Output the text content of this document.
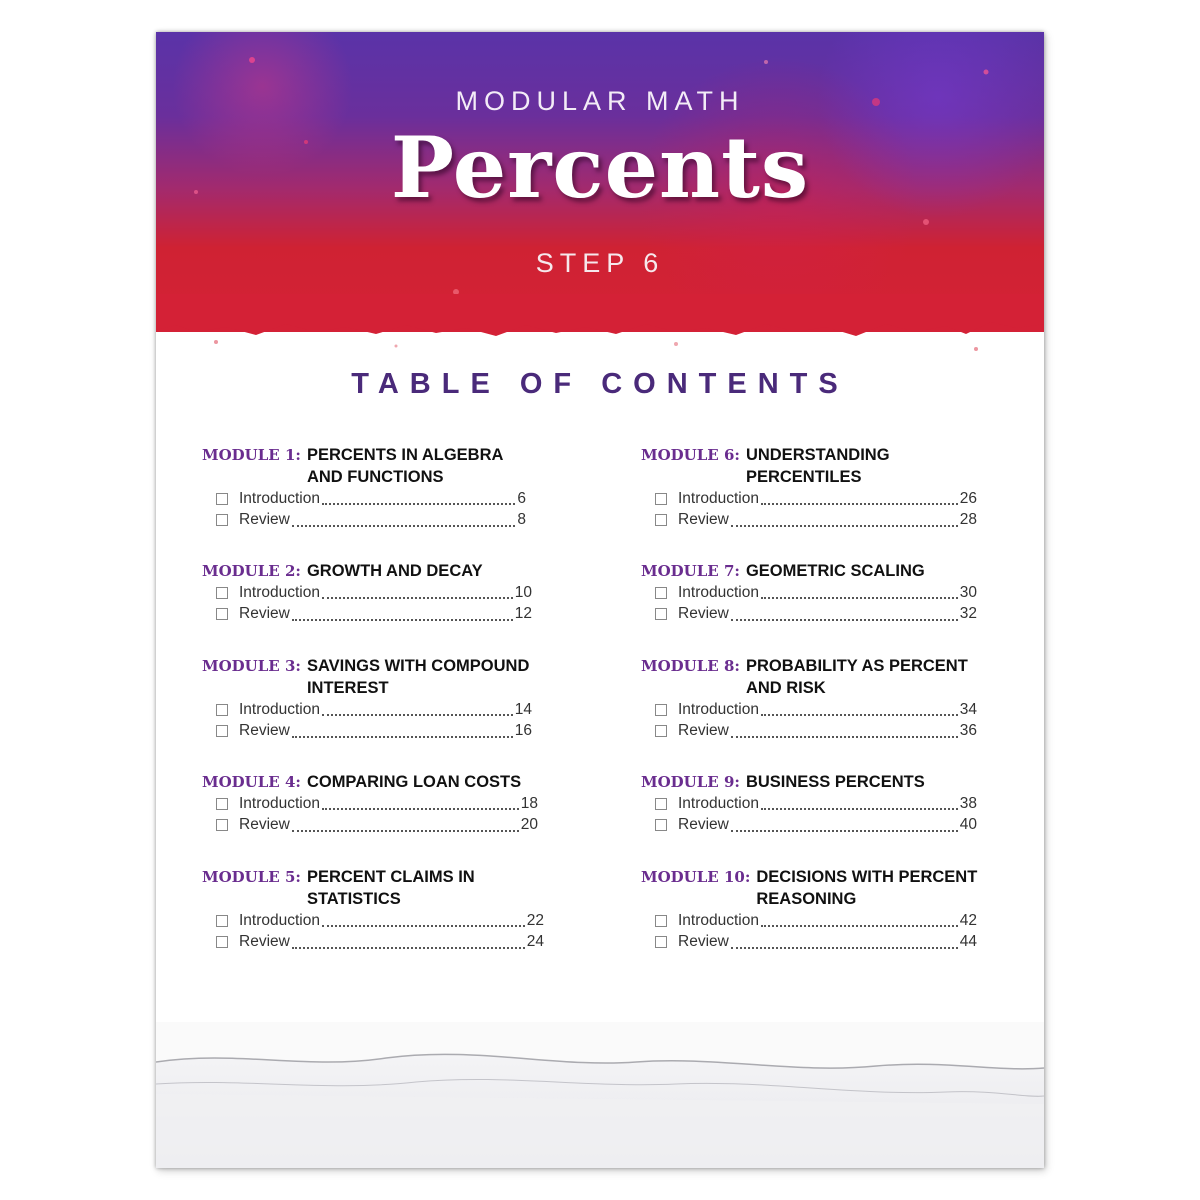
MODULAR MATH
Percents
STEP 6
TABLE OF CONTENTS
MODULE 1: PERCENTS IN ALGEBRA
AND FUNCTIONS
Introduction	6
Review	8
MODULE 2: GROWTH AND DECAY
Introduction	10
Review	12
MODULE 3: SAVINGS WITH COMPOUND
INTEREST
Introduction	14
Review	16
MODULE 4: COMPARING LOAN COSTS
Introduction	18
Review	20
MODULE 5: PERCENT CLAIMS IN
STATISTICS
Introduction	22
Review	24
MODULE 6: UNDERSTANDING
PERCENTILES
Introduction	26
Review	28
MODULE 7: GEOMETRIC SCALING
Introduction	30
Review	32
MODULE 8: PROBABILITY AS PERCENT
AND RISK
Introduction	34
Review	36
MODULE 9: BUSINESS PERCENTS
Introduction	38
Review	40
MODULE 10: DECISIONS WITH PERCENT
REASONING
Introduction	42
Review	44
